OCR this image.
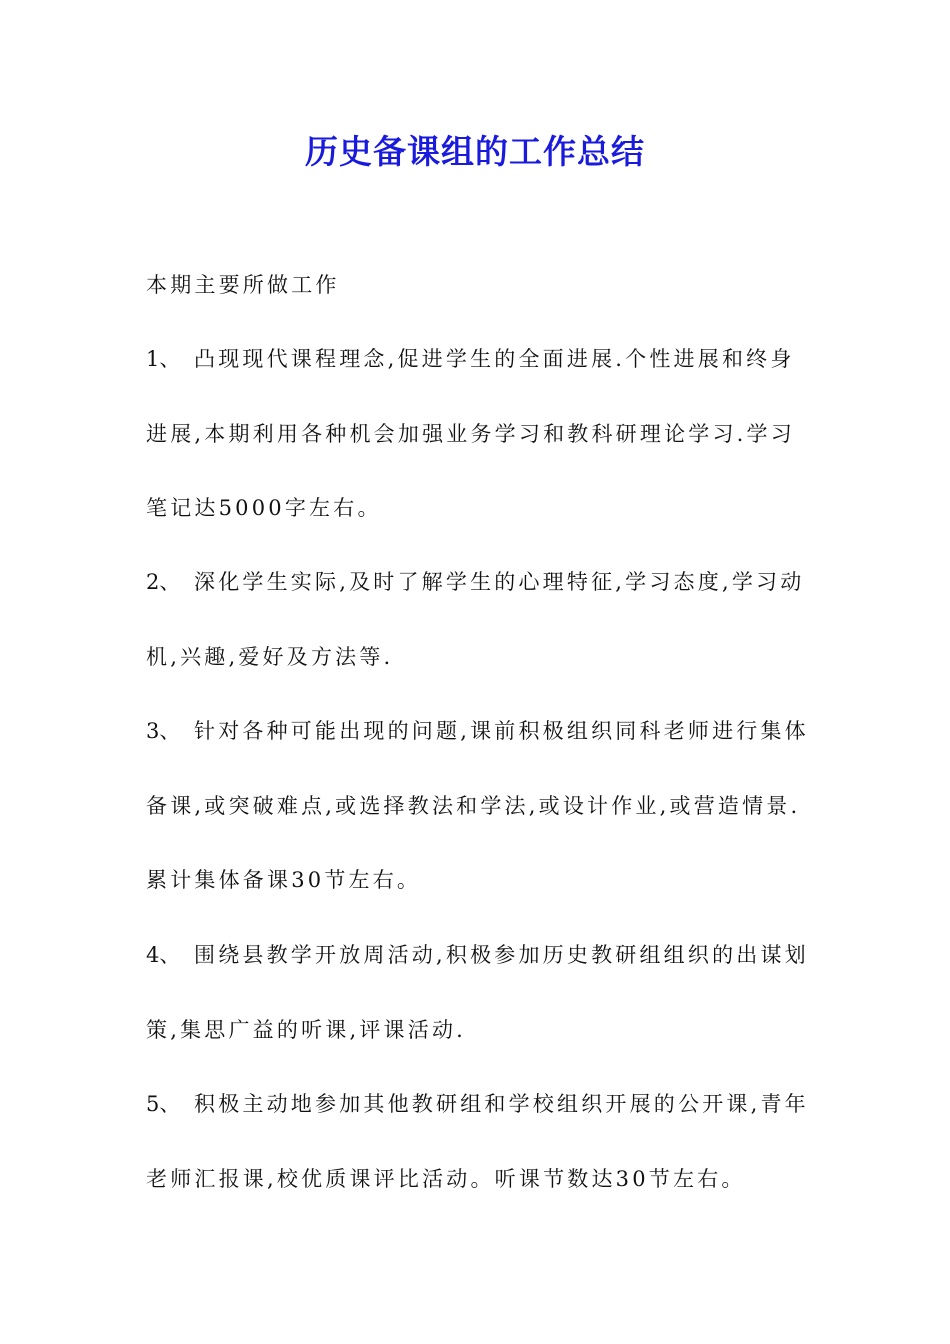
历史备课组的工作总结

本期主要所做工作

1、 凸现现代课程理念,促进学生的全面进展.个性进展和终身
进展,本期利用各种机会加强业务学习和教科研理论学习.学习
笔记达5000字左右。
2、 深化学生实际,及时了解学生的心理特征,学习态度,学习动
机,兴趣,爱好及方法等.
3、 针对各种可能出现的问题,课前积极组织同科老师进行集体
备课,或突破难点,或选择教法和学法,或设计作业,或营造情景.
累计集体备课30节左右。
4、 围绕县教学开放周活动,积极参加历史教研组组织的出谋划
策,集思广益的听课,评课活动.
5、 积极主动地参加其他教研组和学校组织开展的公开课,青年
老师汇报课,校优质课评比活动。听课节数达30节左右。
